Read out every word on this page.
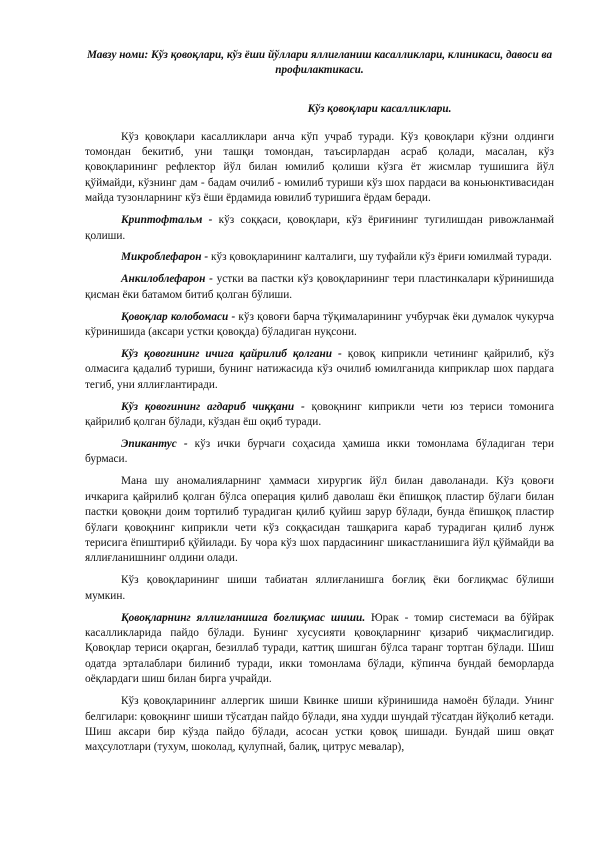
Мавзу номи: Кўз қовоқлари, кўз ёши йўллари яллиғланиш касалликлари, клиникаси, давоси ва профилактикаси.

Кўз қовоқлари касалликлари.

Кўз қовоқлари касалликлари анча кўп учраб туради. Кўз қовоқлари кўзни олдинги томондан бекитиб, уни ташқи томондан, таъсирлардан асраб қолади, масалан, кўз қовоқларининг рефлектор йўл билан юмилиб қолиши кўзга ёт жисмлар тушишига йўл қўймайди, кўзнинг дам - бадам очилиб - юмилиб туриши кўз шох пардаси ва коньюнктивасидан майда тузонларнинг кўз ёши ёрдамида ювилиб туришига ёрдам беради.

Криптофтальм - кўз соққаси, қовоқлари, кўз ёриғининг тугилишдан ривожланмай қолиши.

Микроблефарон - кўз қовоқларининг калталиги, шу туфайли кўз ёриғи юмилмай туради.

Анкилоблефарон - устки ва пастки кўз қовоқларининг тери пластинкалари кўринишида қисман ёки батамом битиб қолган бўлиши.

Қовоқлар колобомаси - кўз қовоғи барча тўқималарининг учбурчак ёки думалок чукурча кўринишида (аксари устки қовоқда) бўладиган нуқсони.

Кўз қовоғининг ичига қайрилиб қолгани - қовоқ киприкли четининг қайрилиб, кўз олмасига қадалиб туриши, бунинг натижасида кўз очилиб юмилганида киприклар шох пардага тегиб, уни яллиғлантиради.

Кўз қовоғининг агдариб чиққани - қовоқнинг киприкли чети юз териси томонига қайрилиб қолган бўлади, кўздан ёш оқиб туради.

Эпикантус - кўз ички бурчаги соҳасида ҳамиша икки томонлама бўладиган тери бурмаси.

Мана шу аномалияларнинг ҳаммаси хирургик йўл билан даволанади. Кўз қовоғи ичкарига қайрилиб қолган бўлса операция қилиб даволаш ёки ёпишқоқ пластир бўлаги билан пастки қовоқни доим тортилиб турадиган қилиб қуйиш зарур бўлади, бунда ёпишқоқ пластир бўлаги қовоқнинг киприкли чети кўз соққасидан ташқарига караб турадиган қилиб лунж терисига ёпиштириб қўйилади. Бу чора кўз шох пардасининг шикастланишига йўл қўймайди ва яллиғланишнинг олдини олади.

Кўз қовоқларининг шиши табиатан яллиғланишга боғлиқ ёки боғлиқмас бўлиши мумкин.

Қовоқларнинг яллиғланишга боғлиқмас шиши. Юрак - томир системаси ва бўйрак касалликларида пайдо бўлади. Бунинг хусусияти қовоқларнинг қизариб чиқмаслигидир. Қовоқлар териси оқарган, безиллаб туради, каттиқ шишган бўлса таранг тортган бўлади. Шиш одатда эрталаблари билиниб туради, икки томонлама бўлади, кўпинча бундай беморларда оёқлардаги шиш билан бирга учрайди.

Кўз қовоқларининг аллергик шиши Квинке шиши кўринишида намоён бўлади. Унинг белгилари: қовоқнинг шиши тўсатдан пайдо бўлади, яна худди шундай тўсатдан йўқолиб кетади. Шиш аксари бир кўзда пайдо бўлади, асосан устки қовоқ шишади. Бундай шиш овқат маҳсулотлари (тухум, шоколад, қулупнай, балиқ, цитрус мевалар),
